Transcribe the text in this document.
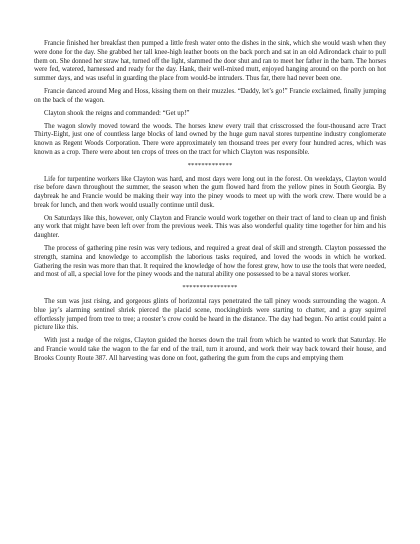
Francie finished her breakfast then pumped a little fresh water onto the dishes in the sink, which she would wash when they were done for the day. She grabbed her tall knee-high leather boots on the back porch and sat in an old Adirondack chair to pull them on. She donned her straw hat, turned off the light, slammed the door shut and ran to meet her father in the barn. The horses were fed, watered, harnessed and ready for the day. Hank, their well-mixed mutt, enjoyed hanging around on the porch on hot summer days, and was useful in guarding the place from would-be intruders. Thus far, there had never been one.

Francie danced around Meg and Hoss, kissing them on their muzzles. “Daddy, let’s go!” Francie exclaimed, finally jumping on the back of the wagon.

Clayton shook the reigns and commanded: “Get up!”

The wagon slowly moved toward the woods. The horses knew every trail that crisscrossed the four-thousand acre Tract Thirty-Eight, just one of countless large blocks of land owned by the huge gum naval stores turpentine industry conglomerate known as Regent Woods Corporation. There were approximately ten thousand trees per every four hundred acres, which was known as a crop. There were about ten crops of trees on the tract for which Clayton was responsible.

*************

Life for turpentine workers like Clayton was hard, and most days were long out in the forest. On weekdays, Clayton would rise before dawn throughout the summer, the season when the gum flowed hard from the yellow pines in South Georgia. By daybreak he and Francie would be making their way into the piney woods to meet up with the work crew. There would be a break for lunch, and then work would usually continue until dusk.

On Saturdays like this, however, only Clayton and Francie would work together on their tract of land to clean up and finish any work that might have been left over from the previous week. This was also wonderful quality time together for him and his daughter.

The process of gathering pine resin was very tedious, and required a great deal of skill and strength. Clayton possessed the strength, stamina and knowledge to accomplish the laborious tasks required, and loved the woods in which he worked. Gathering the resin was more than that. It required the knowledge of how the forest grew, how to use the tools that were needed, and most of all, a special love for the piney woods and the natural ability one possessed to be a naval stores worker.

****************

The sun was just rising, and gorgeous glints of horizontal rays penetrated the tall piney woods surrounding the wagon. A blue jay’s alarming sentinel shriek pierced the placid scene, mockingbirds were starting to chatter, and a gray squirrel effortlessly jumped from tree to tree; a rooster’s crow could be heard in the distance. The day had begun. No artist could paint a picture like this.

With just a nudge of the reigns, Clayton guided the horses down the trail from which he wanted to work that Saturday. He and Francie would take the wagon to the far end of the trail, turn it around, and work their way back toward their house, and Brooks County Route 387. All harvesting was done on foot, gathering the gum from the cups and emptying them
